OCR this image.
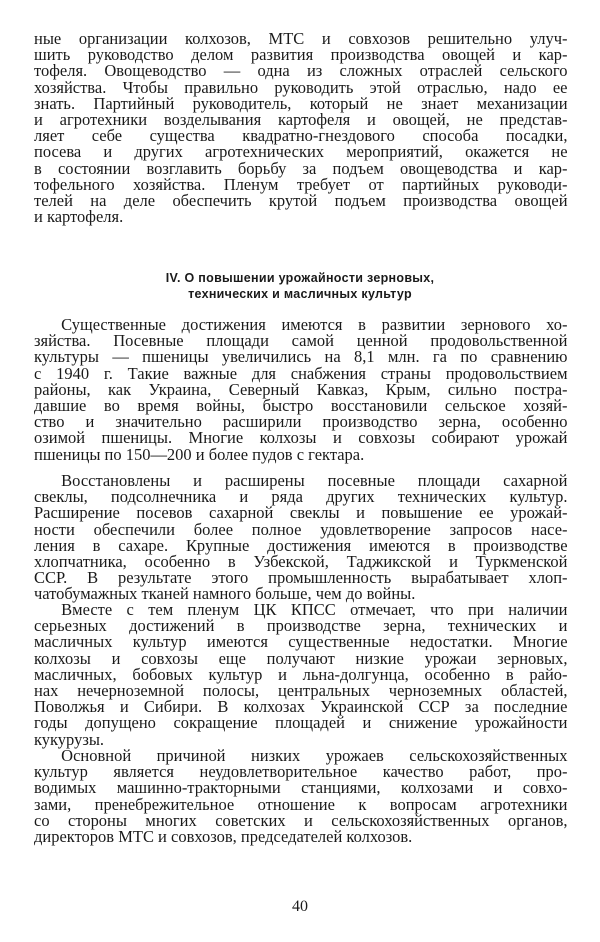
ные организации колхозов, МТС и совхозов решительно улуч-
шить руководство делом развития производства овощей и кар-
тофеля. Овощеводство — одна из сложных отраслей сельского
хозяйства. Чтобы правильно руководить этой отраслью, надо ее
знать. Партийный руководитель, который не знает механизации
и агротехники возделывания картофеля и овощей, не представ-
ляет себе существа квадратно-гнездового способа посадки,
посева и других агротехнических мероприятий, окажется не
в состоянии возглавить борьбу за подъем овощеводства и кар-
тофельного хозяйства. Пленум требует от партийных руководи-
телей на деле обеспечить крутой подъем производства овощей
и картофеля.
IV. О повышении урожайности зерновых,
технических и масличных культур
Существенные достижения имеются в развитии зернового хо-
зяйства. Посевные площади самой ценной продовольственной
культуры — пшеницы увеличились на 8,1 млн. га по сравнению
с 1940 г. Такие важные для снабжения страны продовольствием
районы, как Украина, Северный Кавказ, Крым, сильно постра-
давшие во время войны, быстро восстановили сельское хозяй-
ство и значительно расширили производство зерна, особенно
озимой пшеницы. Многие колхозы и совхозы собирают урожай
пшеницы по 150—200 и более пудов с гектара.
Восстановлены и расширены посевные площади сахарной
свеклы, подсолнечника и ряда других технических культур.
Расширение посевов сахарной свеклы и повышение ее урожай-
ности обеспечили более полное удовлетворение запросов насе-
ления в сахаре. Крупные достижения имеются в производстве
хлопчатника, особенно в Узбекской, Таджикской и Туркменской
ССР. В результате этого промышленность вырабатывает хлоп-
чатобумажных тканей намного больше, чем до войны.
Вместе с тем пленум ЦК КПСС отмечает, что при наличии
серьезных достижений в производстве зерна, технических и
масличных культур имеются существенные недостатки. Многие
колхозы и совхозы еще получают низкие урожаи зерновых,
масличных, бобовых культур и льна-долгунца, особенно в райо-
нах нечерноземной полосы, центральных черноземных областей,
Поволжья и Сибири. В колхозах Украинской ССР за последние
годы допущено сокращение площадей и снижение урожайности
кукурузы.
Основной причиной низких урожаев сельскохозяйственных
культур является неудовлетворительное качество работ, про-
водимых машинно-тракторными станциями, колхозами и совхо-
зами, пренебрежительное отношение к вопросам агротехники
со стороны многих советских и сельскохозяйственных органов,
директоров МТС и совхозов, председателей колхозов.
40
